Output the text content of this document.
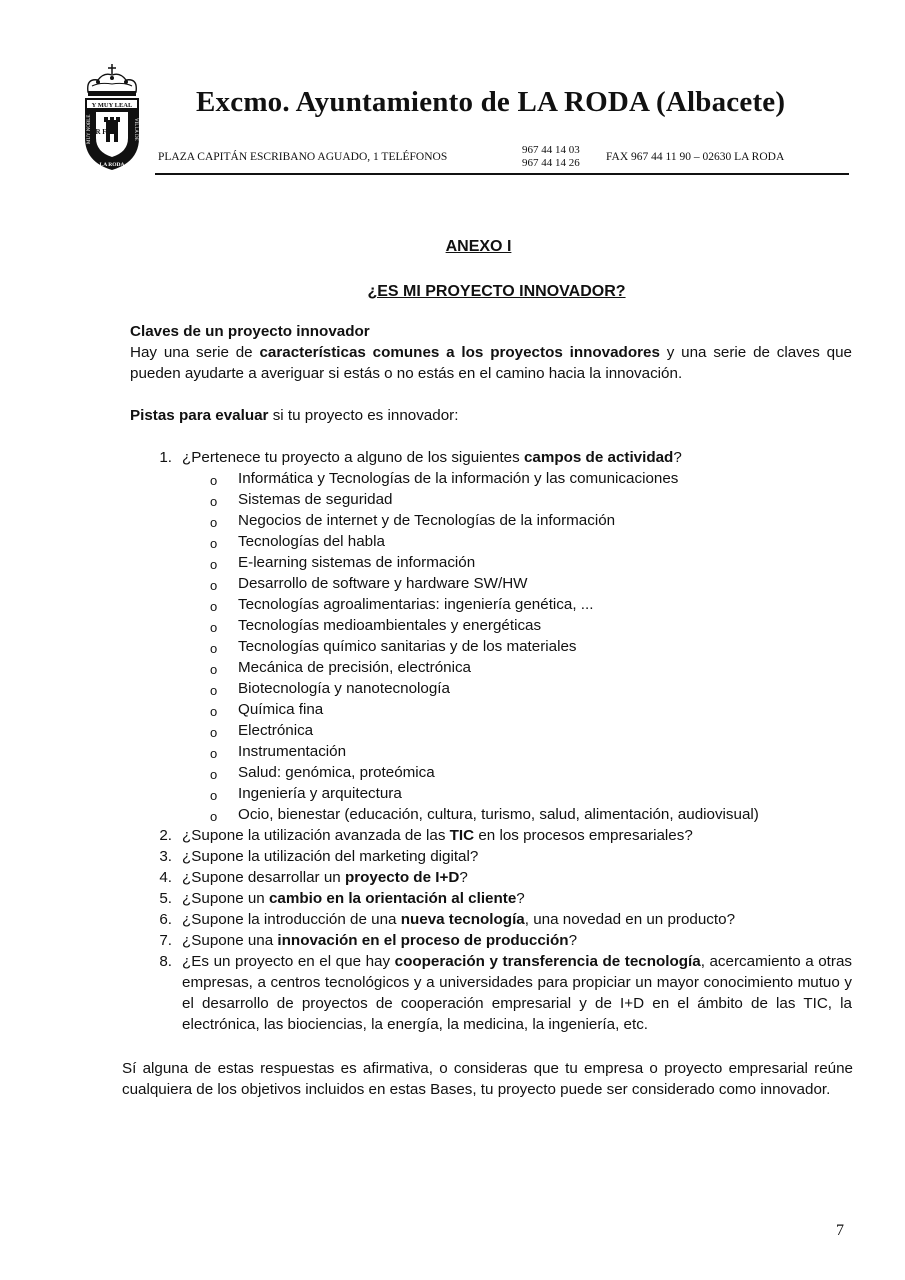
Y MUY LEAL
R F
MUY NOBLE	VILLA DE
LA RODA
Excmo. Ayuntamiento de LA RODA (Albacete)
PLAZA CAPITÁN ESCRIBANO AGUADO, 1 TELÉFONOS
967 44 14 03
967 44 14 26 FAX 967 44 11 90 – 02630 LA RODA
ANEXO I
¿ES MI PROYECTO INNOVADOR?

Claves de un proyecto innovador

Hay una serie de características comunes a los proyectos innovadores y una serie de claves que pueden ayudarte a averiguar si estás o no estás en el camino hacia la innovación.

Pistas para evaluar si tu proyecto es innovador:

1. ¿Pertenece tu proyecto a alguno de los siguientes campos de actividad?
o Informática y Tecnologías de la información y las comunicaciones
o Sistemas de seguridad
o Negocios de internet y de Tecnologías de la información
o Tecnologías del habla
o E-learning sistemas de información
o Desarrollo de software y hardware SW/HW
o Tecnologías agroalimentarias: ingeniería genética, ...
o Tecnologías medioambientales y energéticas
o Tecnologías químico sanitarias y de los materiales
o Mecánica de precisión, electrónica
o Biotecnología y nanotecnología
o Química fina
o Electrónica
o Instrumentación
o Salud: genómica, proteómica
o Ingeniería y arquitectura
o Ocio, bienestar (educación, cultura, turismo, salud, alimentación, audiovisual)
2. ¿Supone la utilización avanzada de las TIC en los procesos empresariales?
3. ¿Supone la utilización del marketing digital?
4. ¿Supone desarrollar un proyecto de I+D?
5. ¿Supone un cambio en la orientación al cliente?
6. ¿Supone la introducción de una nueva tecnología, una novedad en un producto?
7. ¿Supone una innovación en el proceso de producción?
8. ¿Es un proyecto en el que hay cooperación y transferencia de tecnología, acercamiento a otras empresas, a centros tecnológicos y a universidades para propiciar un mayor conocimiento mutuo y el desarrollo de proyectos de cooperación empresarial y de I+D en el ámbito de las TIC, la electrónica, las biociencias, la energía, la medicina, la ingeniería, etc.

Sí alguna de estas respuestas es afirmativa, o consideras que tu empresa o proyecto empresarial reúne cualquiera de los objetivos incluidos en estas Bases, tu proyecto puede ser considerado como innovador.

7
